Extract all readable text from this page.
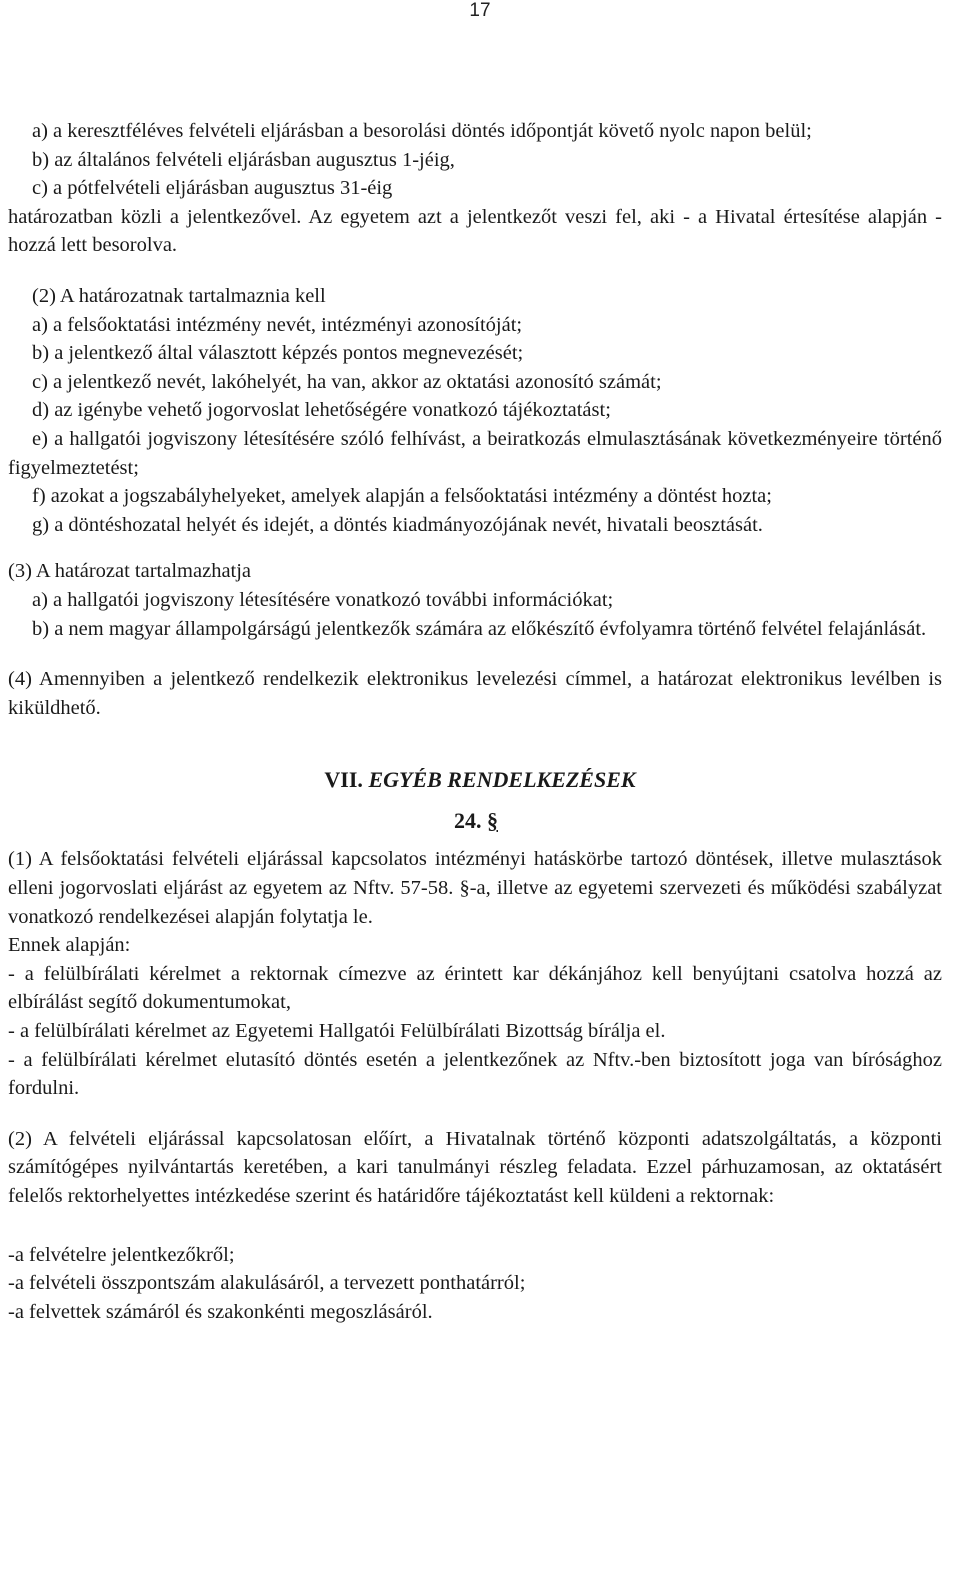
17

a) a keresztféléves felvételi eljárásban a besorolási döntés időpontját követő nyolc napon belül;

b) az általános felvételi eljárásban augusztus 1-jéig,

c) a pótfelvételi eljárásban augusztus 31-éig

határozatban közli a jelentkezővel. Az egyetem azt a jelentkezőt veszi fel, aki - a Hivatal értesítése alapján - hozzá lett besorolva.

(2) A határozatnak tartalmaznia kell

a) a felsőoktatási intézmény nevét, intézményi azonosítóját;

b) a jelentkező által választott képzés pontos megnevezését;

c) a jelentkező nevét, lakóhelyét, ha van, akkor az oktatási azonosító számát;

d) az igénybe vehető jogorvoslat lehetőségére vonatkozó tájékoztatást;

e) a hallgatói jogviszony létesítésére szóló felhívást, a beiratkozás elmulasztásának következményeire történő figyelmeztetést;

f) azokat a jogszabályhelyeket, amelyek alapján a felsőoktatási intézmény a döntést hozta;

g) a döntéshozatal helyét és idejét, a döntés kiadmányozójának nevét, hivatali beosztását.

(3) A határozat tartalmazhatja

a) a hallgatói jogviszony létesítésére vonatkozó további információkat;

b) a nem magyar állampolgárságú jelentkezők számára az előkészítő évfolyamra történő felvétel felajánlását.

(4) Amennyiben a jelentkező rendelkezik elektronikus levelezési címmel, a határozat elektronikus levélben is kiküldhető.

VII. EGYÉB RENDELKEZÉSEK

24. §

(1) A felsőoktatási felvételi eljárással kapcsolatos intézményi hatáskörbe tartozó döntések, illetve mulasztások elleni jogorvoslati eljárást az egyetem az Nftv. 57-58. §-a, illetve az egyetemi szervezeti és működési szabályzat vonatkozó rendelkezései alapján folytatja le.

Ennek alapján:

- a felülbírálati kérelmet a rektornak címezve az érintett kar dékánjához kell benyújtani csatolva hozzá az elbírálást segítő dokumentumokat,

- a felülbírálati kérelmet az Egyetemi Hallgatói Felülbírálati Bizottság bírálja el.

- a felülbírálati kérelmet elutasító döntés esetén a jelentkezőnek az Nftv.-ben biztosított joga van bírósághoz fordulni.

(2) A felvételi eljárással kapcsolatosan előírt, a Hivatalnak történő központi adatszolgáltatás, a központi számítógépes nyilvántartás keretében, a kari tanulmányi részleg feladata. Ezzel párhuzamosan, az oktatásért felelős rektorhelyettes intézkedése szerint és határidőre tájékoztatást kell küldeni a rektornak:

-a felvételre jelentkezőkről;

-a felvételi összpontszám alakulásáról, a tervezett ponthatárról;

-a felvettek számáról és szakonkénti megoszlásáról.
